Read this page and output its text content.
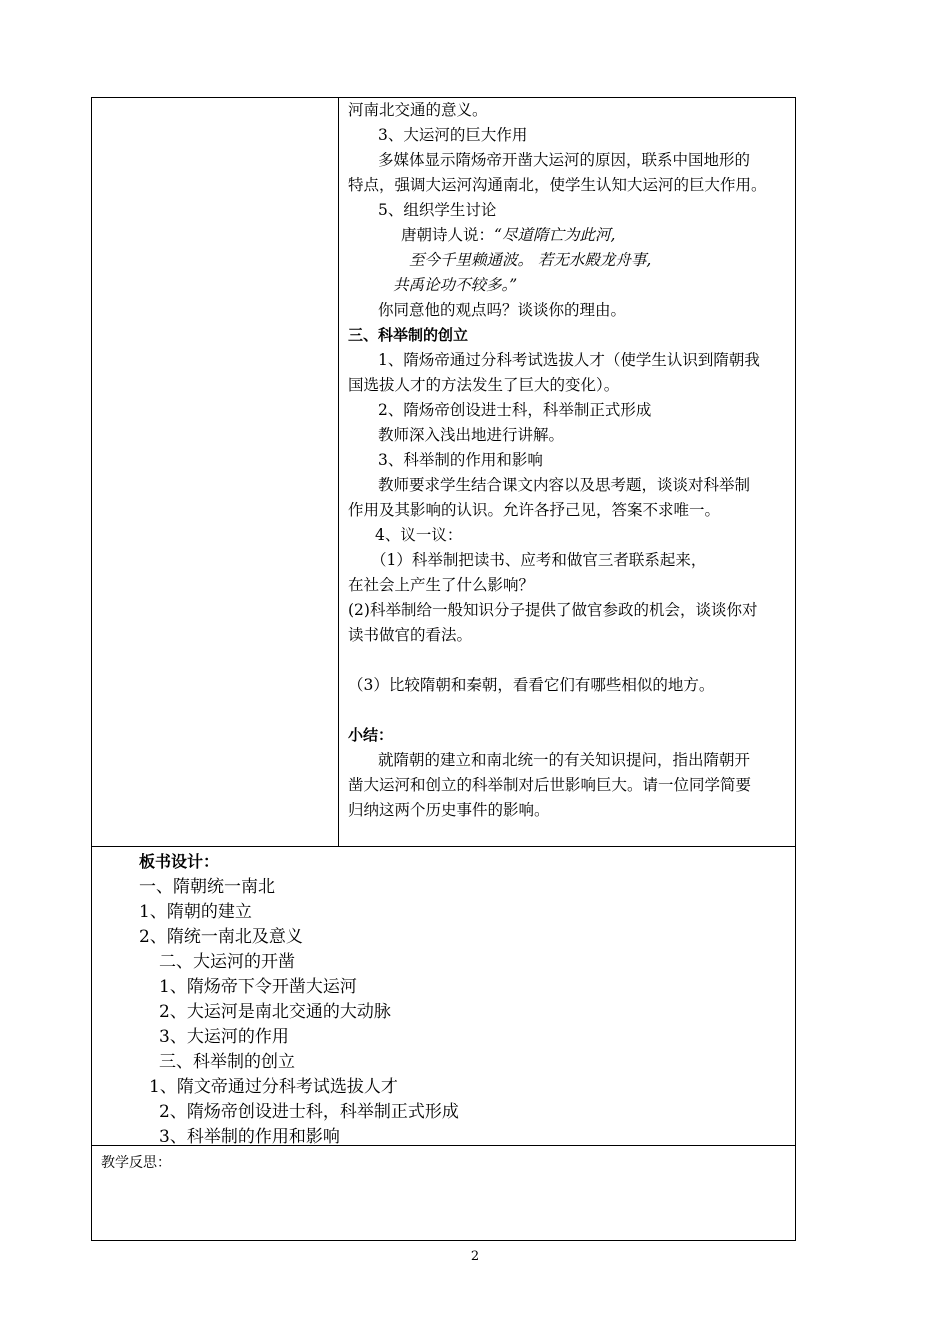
河南北交通的意义。
3、大运河的巨大作用
多媒体显示隋炀帝开凿大运河的原因，联系中国地形的
特点，强调大运河沟通南北，使学生认知大运河的巨大作用。
5、组织学生讨论
唐朝诗人说：“尽道隋亡为此河,
至今千里赖通波。 若无水殿龙舟事,
共禹论功不较多。”
你同意他的观点吗？谈谈你的理由。
三、科举制的创立
1、隋炀帝通过分科考试选拔人才（使学生认识到隋朝我
国选拔人才的方法发生了巨大的变化）。
2、隋炀帝创设进士科，科举制正式形成
教师深入浅出地进行讲解。
3、科举制的作用和影响
教师要求学生结合课文内容以及思考题，谈谈对科举制
作用及其影响的认识。允许各抒己见，答案不求唯一。
4、议一议：
（1）科举制把读书、应考和做官三者联系起来，
在社会上产生了什么影响？
(2)科举制给一般知识分子提供了做官参政的机会，谈谈你对
读书做官的看法。
（3）比较隋朝和秦朝，看看它们有哪些相似的地方。
小结：
就隋朝的建立和南北统一的有关知识提问，指出隋朝开
凿大运河和创立的科举制对后世影响巨大。请一位同学简要
归纳这两个历史事件的影响。
板书设计：
一、隋朝统一南北
1、隋朝的建立
2、隋统一南北及意义
二、大运河的开凿
1、隋炀帝下令开凿大运河
2、大运河是南北交通的大动脉
3、大运河的作用
三、科举制的创立
1、隋文帝通过分科考试选拔人才
2、隋炀帝创设进士科，科举制正式形成
3、科举制的作用和影响
教学反思：
2
